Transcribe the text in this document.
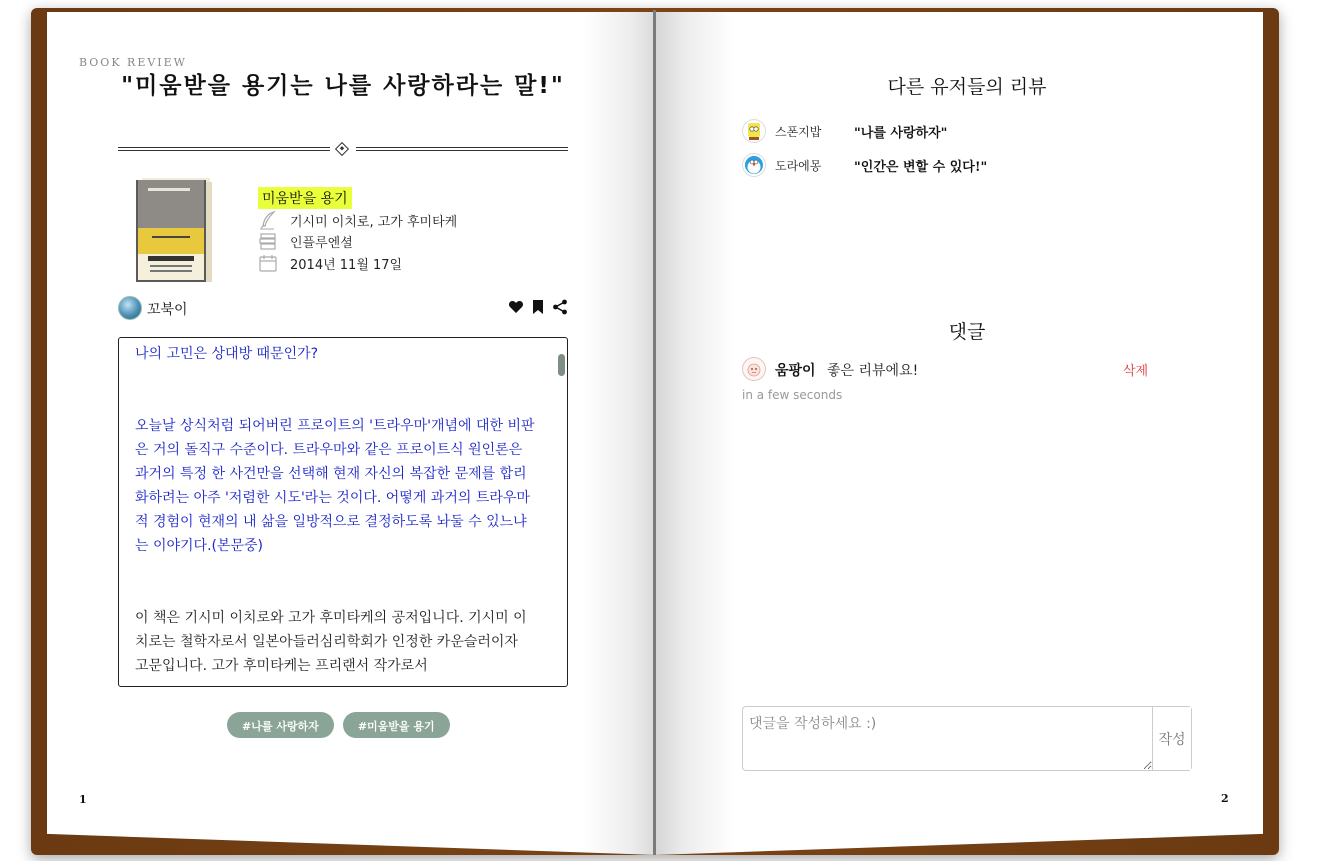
BOOK REVIEW
"미움받을 용기는 나를 사랑하라는 말!"
미움받을 용기
기시미 이치로, 고가 후미타케
인플루엔셜
2014년 11월 17일
꼬북이

나의 고민은 상대방 때문인가?

오늘날 상식처럼 되어버린 프로이트의 '트라우마'개념에 대한 비판은 거의 돌직구 수준이다. 트라우마와 같은 프로이트식 원인론은 과거의 특정 한 사건만을 선택해 현재 자신의 복잡한 문제를 합리화하려는 아주 '저렴한 시도'라는 것이다. 어떻게 과거의 트라우마적 경험이 현재의 내 삶을 일방적으로 결정하도록 놔둘 수 있느냐는 이야기다.(본문중)

이 책은 기시미 이치로와 고가 후미타케의 공저입니다. 기시미 이치로는 철학자로서 일본아들러심리학회가 인정한 카운슬러이자 고문입니다. 고가 후미타케는 프리랜서 작가로서

#나를 사랑하자	#미움받을 용기
1
다른 유저들의 리뷰
스폰지밥	"나를 사랑하자"
도라에몽	"인간은 변할 수 있다!"
댓글
움팡이 좋은 리뷰에요!	삭제
in a few seconds
댓글을 작성하세요 :)
작성
2
